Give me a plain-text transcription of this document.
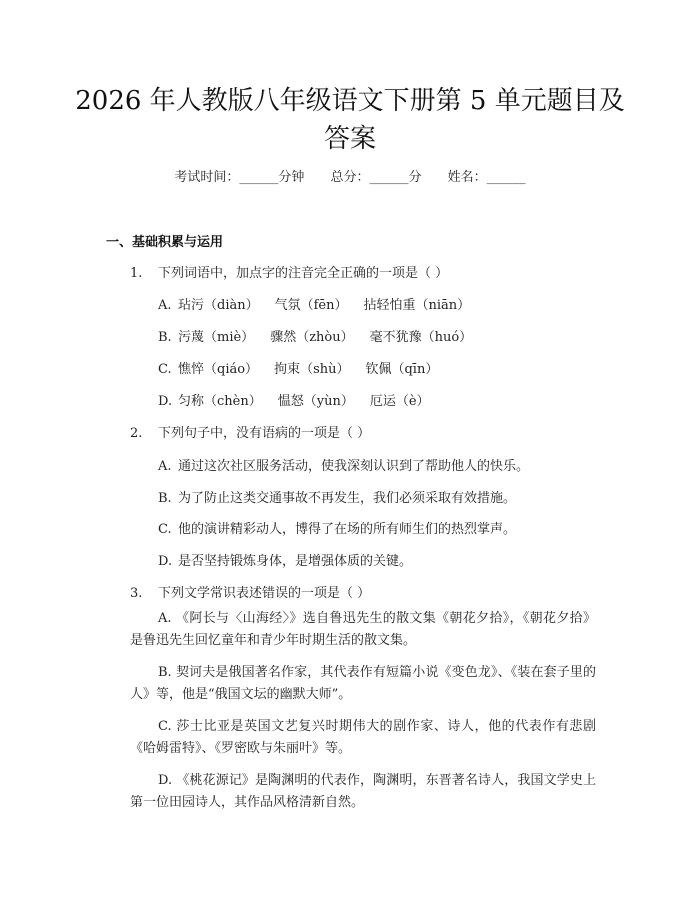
2026 年人教版八年级语文下册第 5 单元题目及答案
考试时间：______分钟 总分：______分 姓名：______
一、基础积累与运用
1. 下列词语中，加点字的注音完全正确的一项是（ ）
A. 玷污（diàn） 气氛（fēn） 拈轻怕重（niān）
B. 污蔑（miè） 骤然（zhòu） 毫不犹豫（huó）
C. 憔悴（qiáo） 拘束（shù） 钦佩（qīn）
D. 匀称（chèn） 愠怒（yùn） 厄运（è）
2. 下列句子中，没有语病的一项是（ ）
A. 通过这次社区服务活动，使我深刻认识到了帮助他人的快乐。
B. 为了防止这类交通事故不再发生，我们必须采取有效措施。
C. 他的演讲精彩动人，博得了在场的所有师生们的热烈掌声。
D. 是否坚持锻炼身体，是增强体质的关键。
3. 下列文学常识表述错误的一项是（ ）

A. 《阿长与〈山海经〉》选自鲁迅先生的散文集《朝花夕拾》，《朝花夕拾》是鲁迅先生回忆童年和青少年时期生活的散文集。

B. 契诃夫是俄国著名作家，其代表作有短篇小说《变色龙》、《装在套子里的人》等，他是“俄国文坛的幽默大师”。

C. 莎士比亚是英国文艺复兴时期伟大的剧作家、诗人，他的代表作有悲剧《哈姆雷特》、《罗密欧与朱丽叶》等。

D. 《桃花源记》是陶渊明的代表作，陶渊明，东晋著名诗人，我国文学史上第一位田园诗人，其作品风格清新自然。
